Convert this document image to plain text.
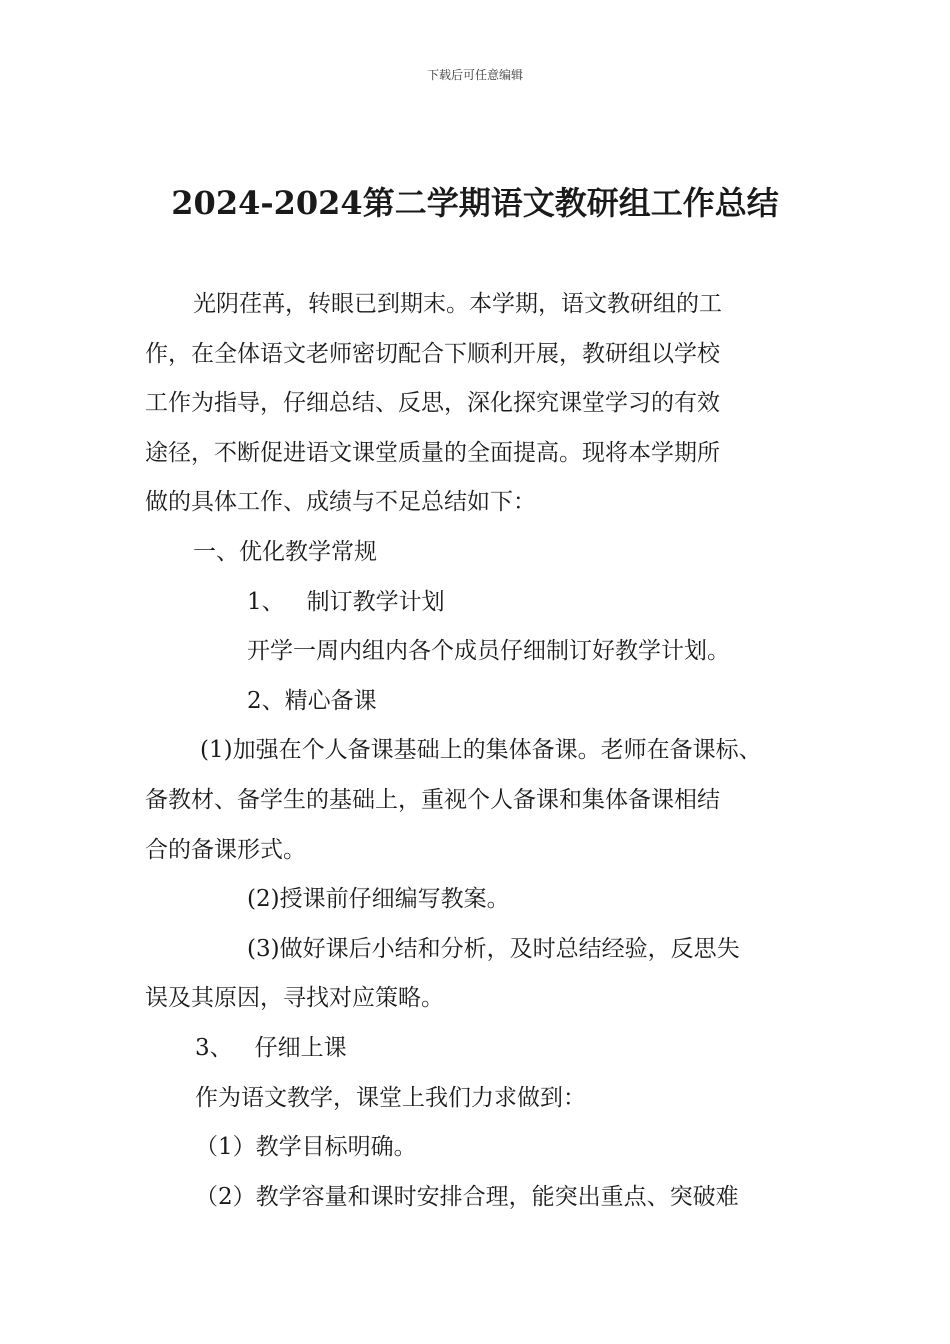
下载后可任意编辑
2024-2024第二学期语文教研组工作总结
光阴荏苒，转眼已到期末。本学期，语文教研组的工
作，在全体语文老师密切配合下顺利开展，教研组以学校
工作为指导，仔细总结、反思，深化探究课堂学习的有效
途径，不断促进语文课堂质量的全面提高。现将本学期所
做的具体工作、成绩与不足总结如下：
一、优化教学常规
1、 制订教学计划
开学一周内组内各个成员仔细制订好教学计划。
2、精心备课
(1)加强在个人备课基础上的集体备课。老师在备课标、
备教材、备学生的基础上，重视个人备课和集体备课相结
合的备课形式。
(2)授课前仔细编写教案。
(3)做好课后小结和分析，及时总结经验，反思失
误及其原因，寻找对应策略。
3、 仔细上课
作为语文教学，课堂上我们力求做到：
（1）教学目标明确。
（2）教学容量和课时安排合理，能突出重点、突破难
